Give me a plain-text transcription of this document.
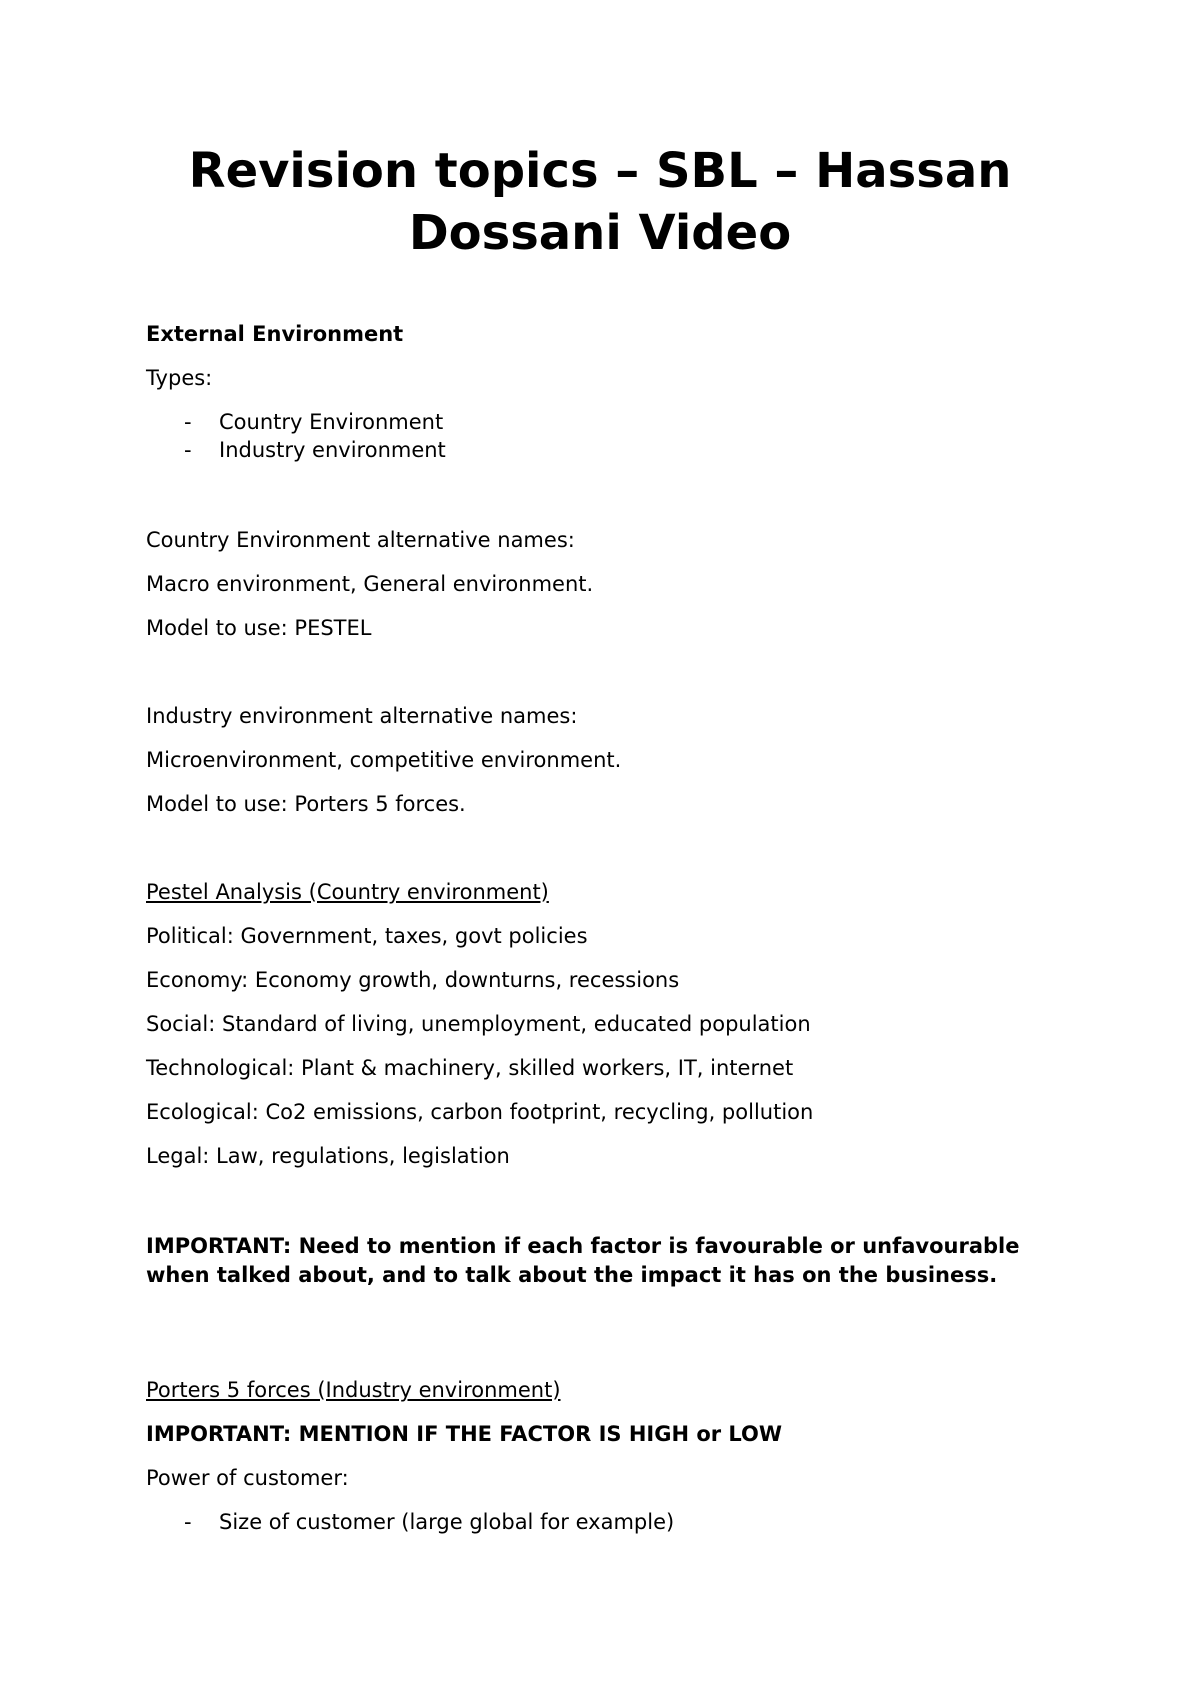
Revision topics – SBL – Hassan Dossani Video

External Environment

Types:

- Country Environment
- Industry environment

Country Environment alternative names:

Macro environment, General environment.

Model to use: PESTEL

Industry environment alternative names:

Microenvironment, competitive environment.

Model to use: Porters 5 forces.

Pestel Analysis (Country environment)

Political: Government, taxes, govt policies

Economy: Economy growth, downturns, recessions

Social: Standard of living, unemployment, educated population

Technological: Plant & machinery, skilled workers, IT, internet

Ecological: Co2 emissions, carbon footprint, recycling, pollution

Legal: Law, regulations, legislation

IMPORTANT: Need to mention if each factor is favourable or unfavourable when talked about, and to talk about the impact it has on the business.

Porters 5 forces (Industry environment)

IMPORTANT: MENTION IF THE FACTOR IS HIGH or LOW

Power of customer:

- Size of customer (large global for example)
